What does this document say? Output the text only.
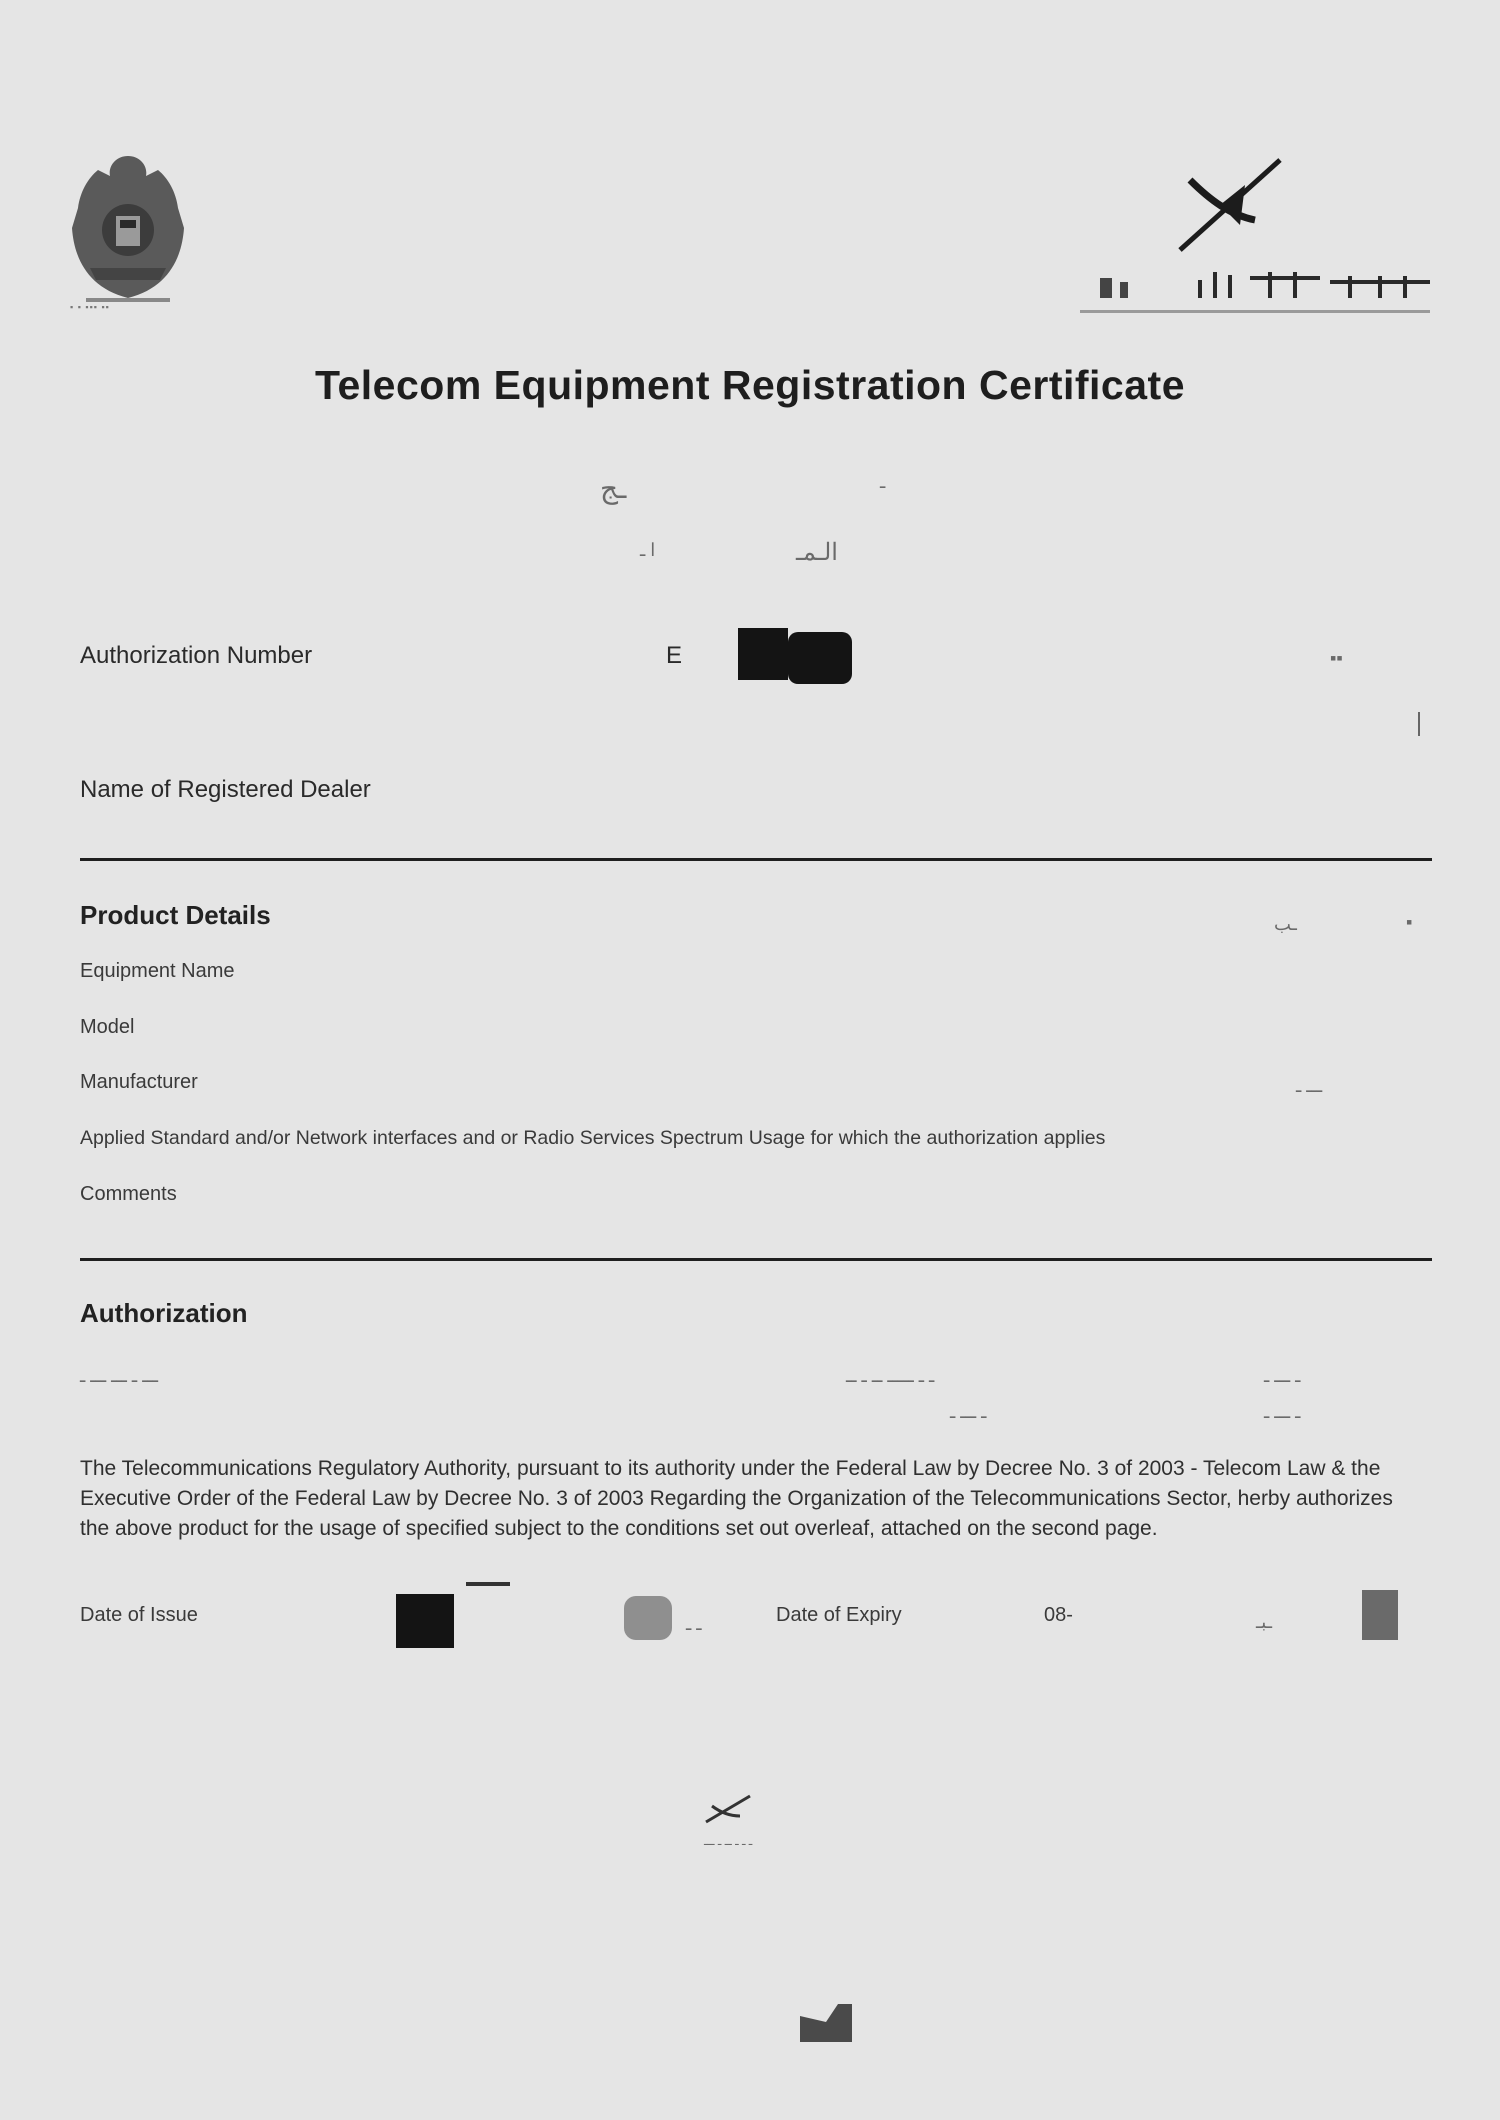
▪ ▪ ▪▪▪ ▪▪
Telecom Equipment Registration Certificate
ـج	ـ
ا ـ	الـمـ
Authorization Number	E	▪▪
Name of Registered Dealer
Product Details	ـب	▪
Equipment Name
Model
Manufacturer	ـــ ـ
Applied Standard and/or Network interfaces and or Radio Services Spectrum Usage for which the authorization applies
Comments
Authorization
ـــ ـ ـــ ـــ ـ	ـ ـ ـــــ ــ ـ ــ	ـ ـــ ـ
ـ ـــ ـ	ـ ـــ ـ
The Telecommunications Regulatory Authority, pursuant to its authority under the Federal Law by Decree No. 3 of 2003 - Telecom Law & the Executive Order of the Federal Law by Decree No. 3 of 2003 Regarding the Organization of the Telecommunications Sector, herby authorizes the above product for the usage of specified subject to the conditions set out overleaf, attached on the second page.
Date of Issue	ـ ـ	Date of Expiry	08-	ـبـ
ـ ـ ـ ــ ـ ـــ
